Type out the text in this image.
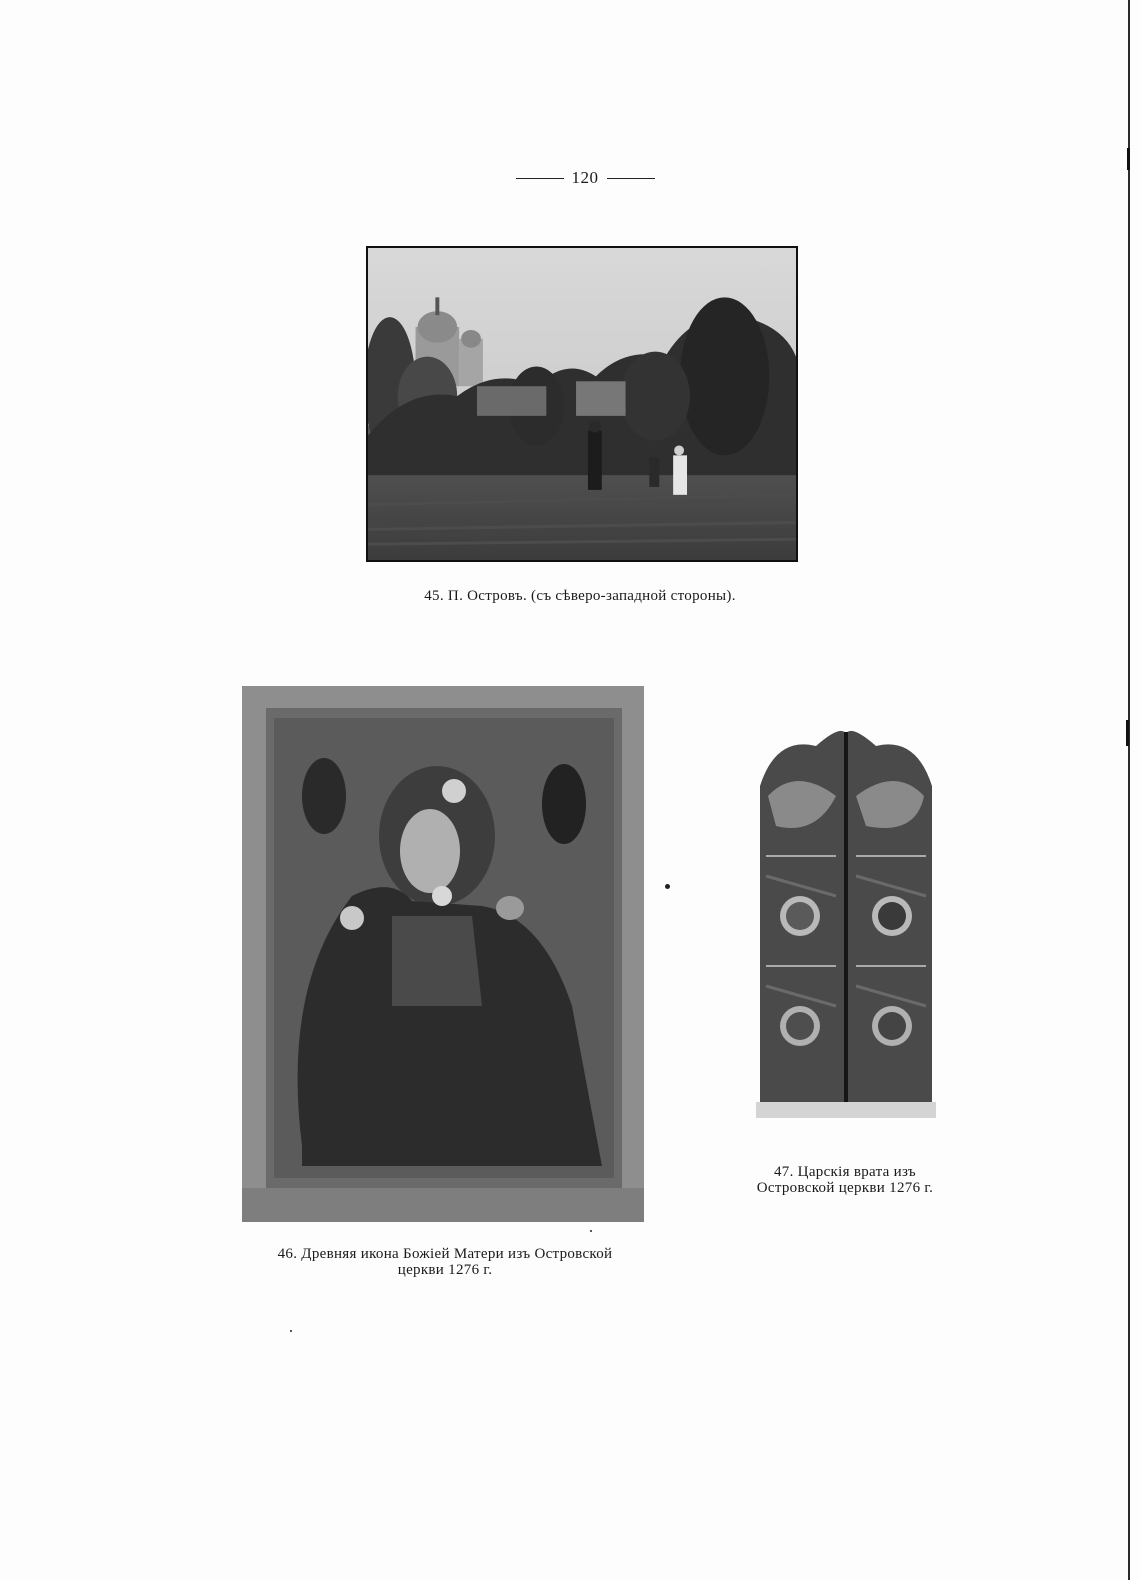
120
45. П. Островъ. (съ сѣверо-западной стороны).
46. Древняя икона Божіей Матери изъ Островской
церкви 1276 г.
47. Царскія врата изъ
Островской церкви 1276 г.
